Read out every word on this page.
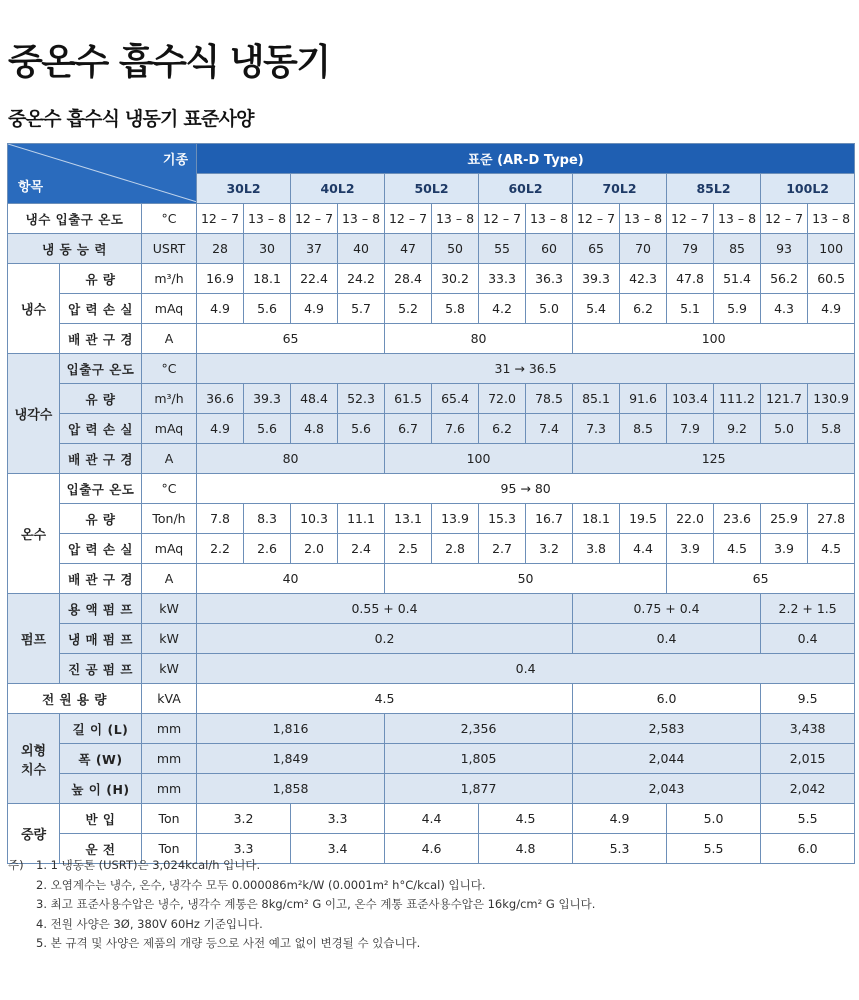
중온수 흡수식 냉동기
중온수 흡수식 냉동기 표준사양
기종
항목			표준 (AR-D Type)													
			30L2		40L2		50L2		60L2		70L2		85L2		100L2	
냉수 입출구 온도		°C	12 – 7	13 – 8	12 – 7	13 – 8	12 – 7	13 – 8	12 – 7	13 – 8	12 – 7	13 – 8	12 – 7	13 – 8	12 – 7	13 – 8
냉 동 능 력		USRT	28	30	37	40	47	50	55	60	65	70	79	85	93	100
냉수	유 량	m³/h	16.9	18.1	22.4	24.2	28.4	30.2	33.3	36.3	39.3	42.3	47.8	51.4	56.2	60.5
	압 력 손 실	mAq	4.9	5.6	4.9	5.7	5.2	5.8	4.2	5.0	5.4	6.2	5.1	5.9	4.3	4.9
	배 관 구 경	A	65				80				100					
냉각수	입출구 온도	°C	31 → 36.5													
	유 량	m³/h	36.6	39.3	48.4	52.3	61.5	65.4	72.0	78.5	85.1	91.6	103.4	111.2	121.7	130.9
	압 력 손 실	mAq	4.9	5.6	4.8	5.6	6.7	7.6	6.2	7.4	7.3	8.5	7.9	9.2	5.0	5.8
	배 관 구 경	A	80				100				125					
온수	입출구 온도	°C	95 → 80													
	유 량	Ton/h	7.8	8.3	10.3	11.1	13.1	13.9	15.3	16.7	18.1	19.5	22.0	23.6	25.9	27.8
	압 력 손 실	mAq	2.2	2.6	2.0	2.4	2.5	2.8	2.7	3.2	3.8	4.4	3.9	4.5	3.9	4.5
	배 관 구 경	A	40				50						65			
펌프	용 액 펌 프	kW	0.55 + 0.4								0.75 + 0.4				2.2 + 1.5	
	냉 매 펌 프	kW	0.2								0.4				0.4	
	진 공 펌 프	kW	0.4													
전 원 용 량		kVA	4.5								6.0				9.5	

외형
치수	길 이 (L)	mm	1,816				2,356				2,583				3,438	
	폭 (W)	mm	1,849				1,805				2,044				2,015	
	높 이 (H)	mm	1,858				1,877				2,043				2,042	
중량	반 입	Ton	3.2		3.3		4.4		4.5		4.9		5.0		5.5	
	운 전	Ton	3.3		3.4		4.6		4.8		5.3		5.5		6.0	
주) 1. 1 냉동톤 (USRT)은 3,024kcal/h 입니다.
2. 오염계수는 냉수, 온수, 냉각수 모두 0.000086m²k/W (0.0001m² h°C/kcal) 입니다.
3. 최고 표준사용수압은 냉수, 냉각수 계통은 8kg/cm² G 이고, 온수 계통 표준사용수압은 16kg/cm² G 입니다.
4. 전원 사양은 3Ø, 380V 60Hz 기준입니다.
5. 본 규격 및 사양은 제품의 개량 등으로 사전 예고 없이 변경될 수 있습니다.
